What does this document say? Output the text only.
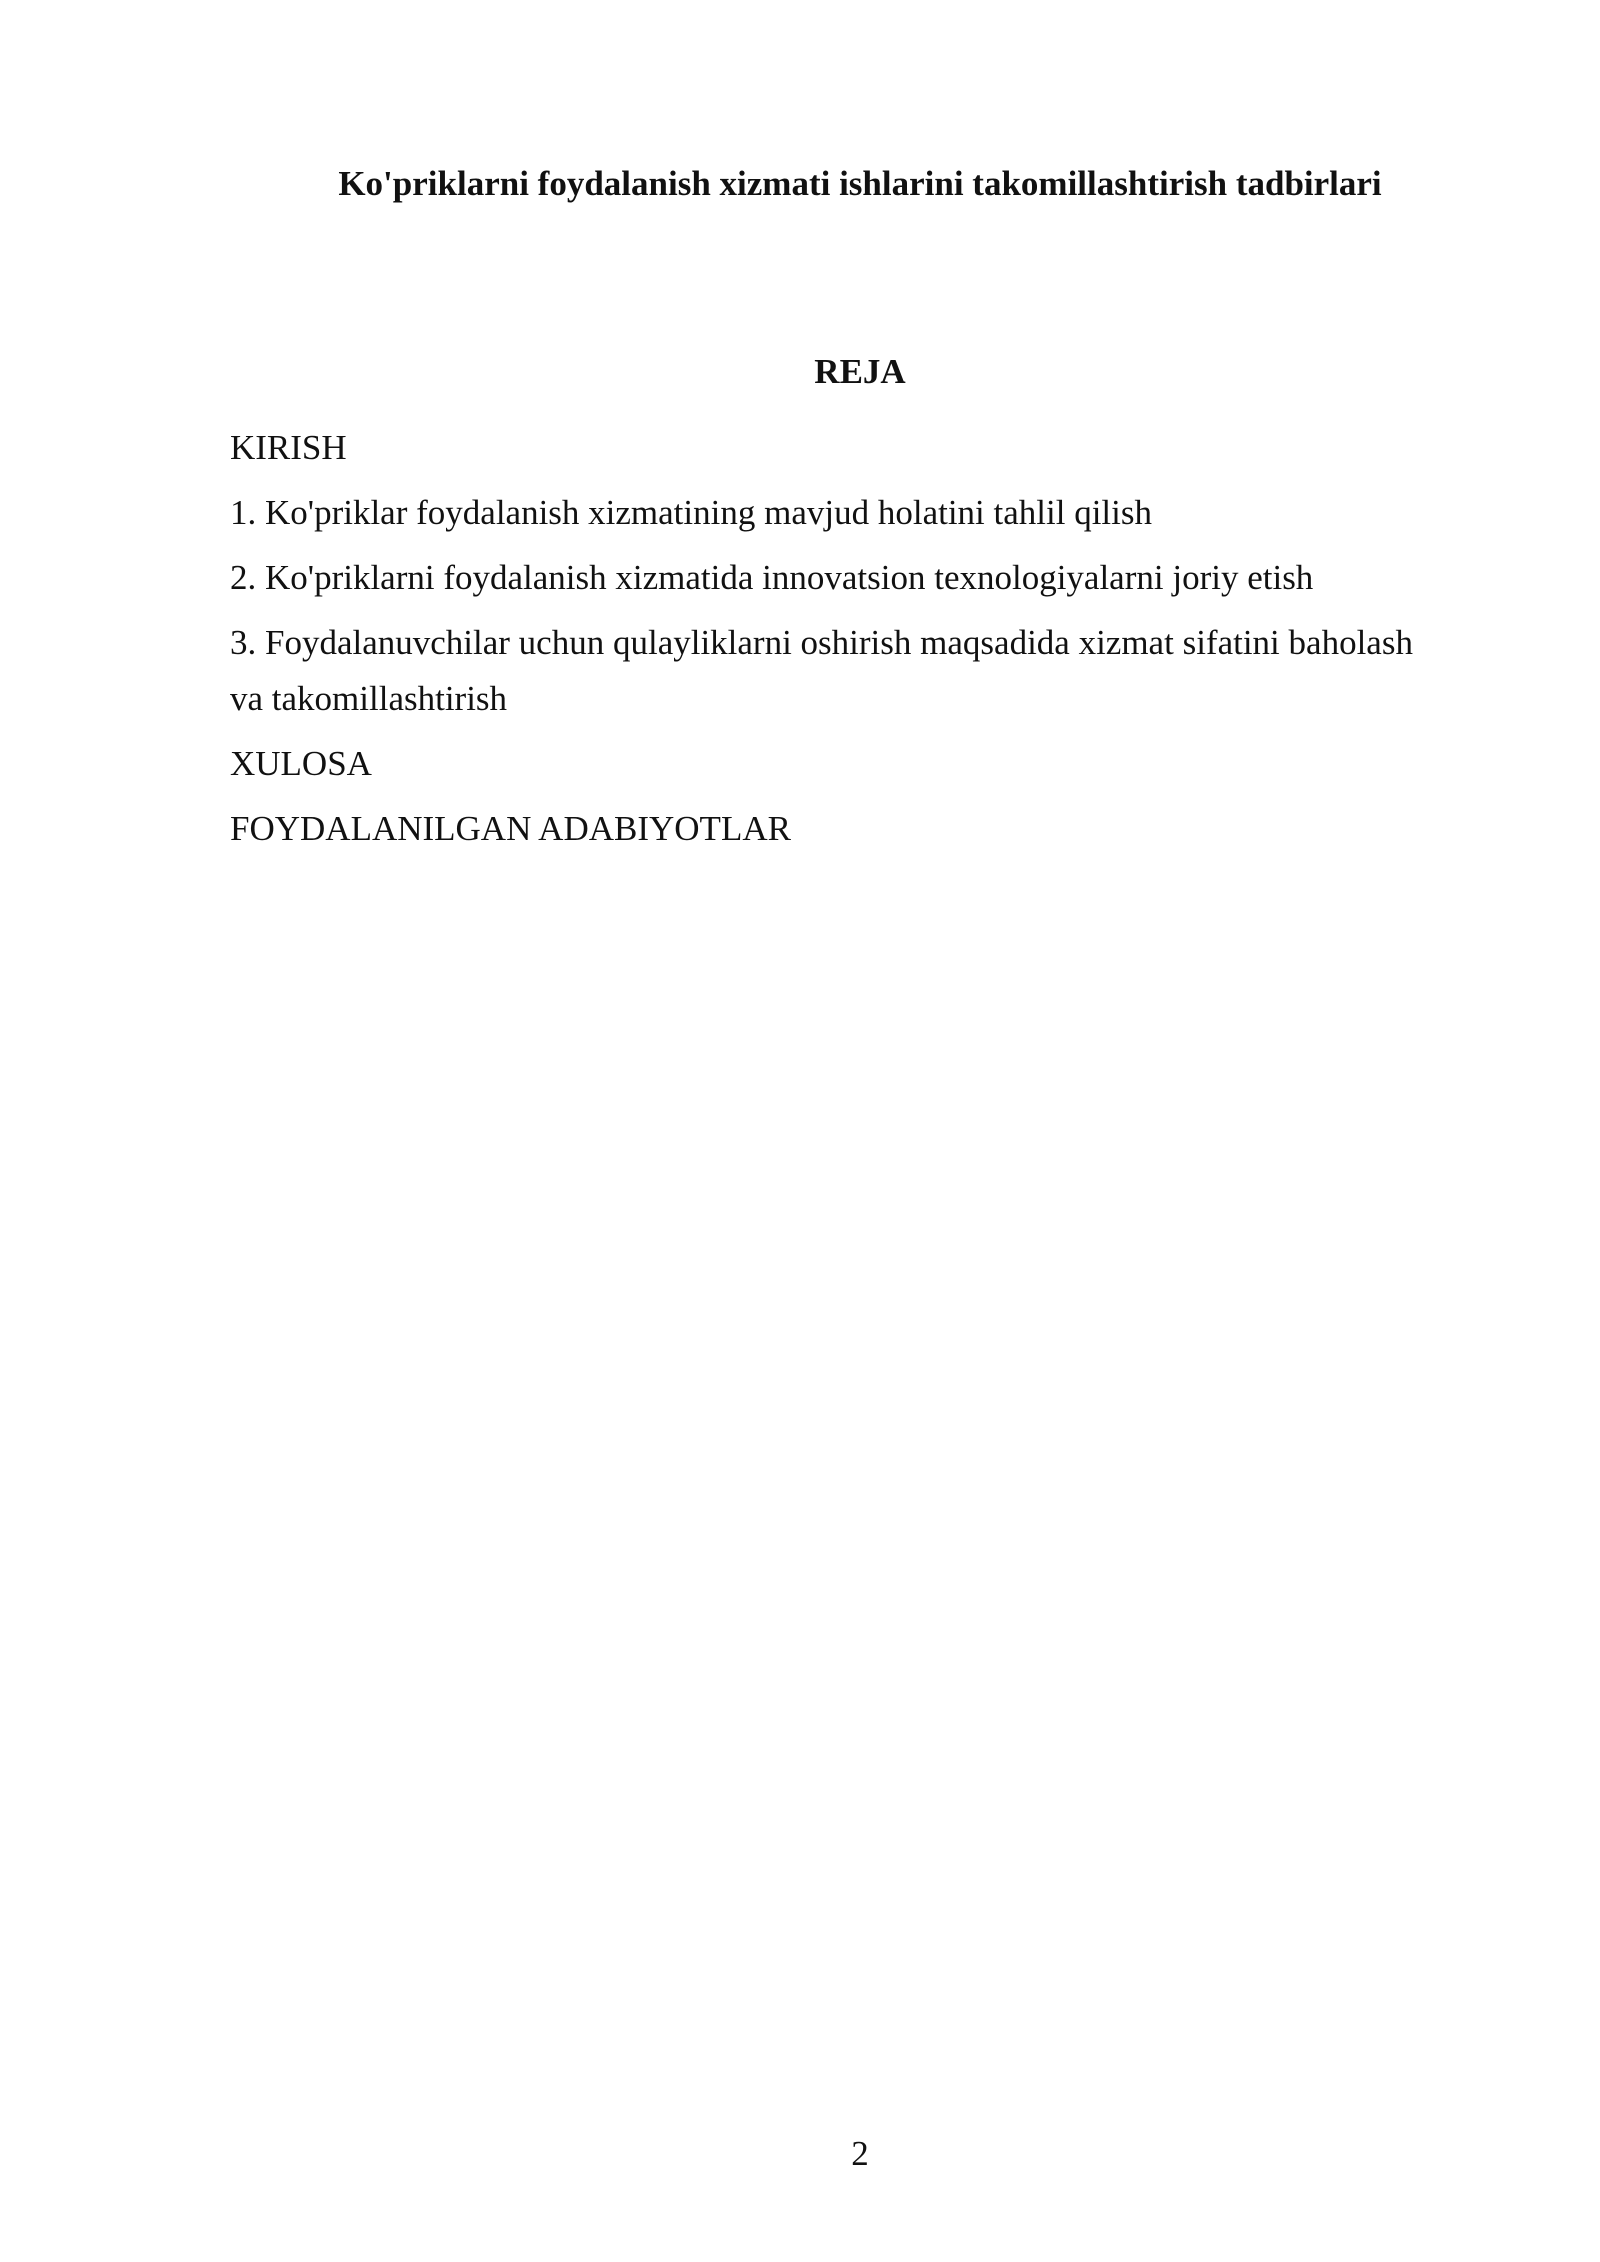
Ko'priklarni foydalanish xizmati ishlarini takomillashtirish tadbirlari
REJA
KIRISH
1. Ko'priklar foydalanish xizmatining mavjud holatini tahlil qilish
2. Ko'priklarni foydalanish xizmatida innovatsion texnologiyalarni joriy etish
3. Foydalanuvchilar uchun qulayliklarni oshirish maqsadida xizmat sifatini baholash va takomillashtirish
XULOSA
FOYDALANILGAN ADABIYOTLAR
2
